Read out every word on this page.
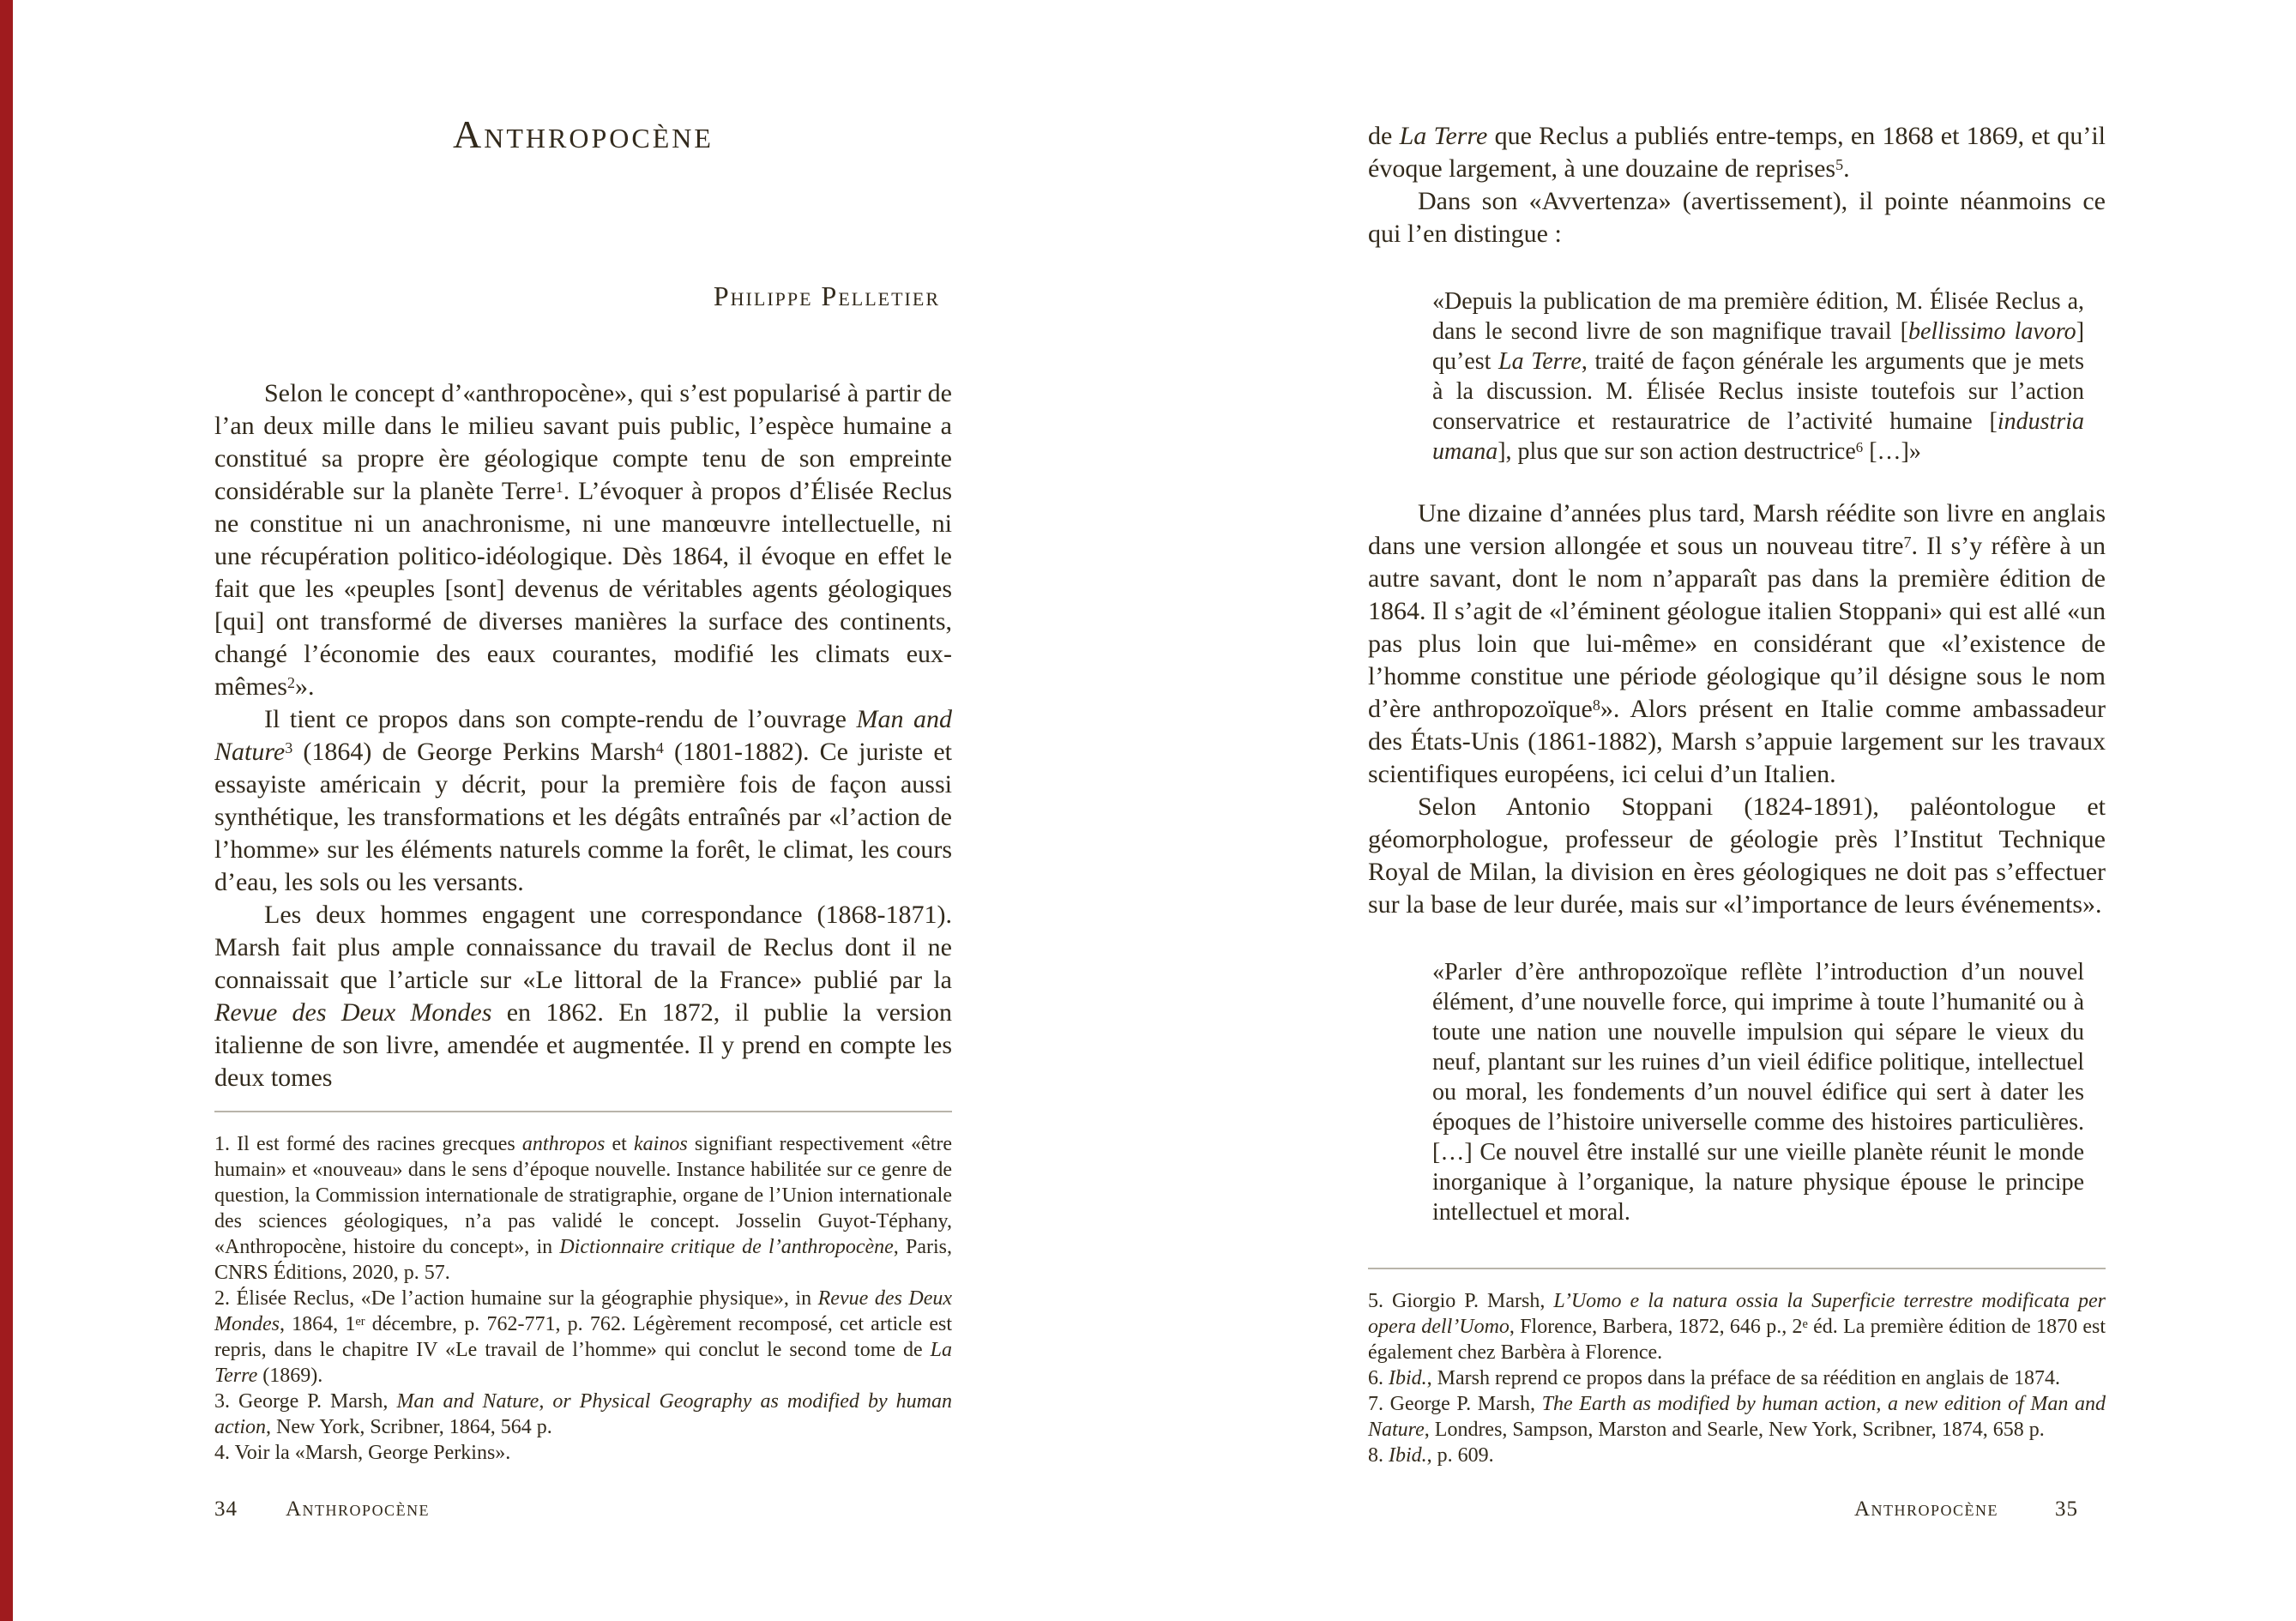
Anthropocène
Philippe Pelletier

Selon le concept d’«anthropocène», qui s’est popularisé à partir de l’an deux mille dans le milieu savant puis public, l’espèce humaine a constitué sa propre ère géologique compte tenu de son empreinte considérable sur la planète Terre$^1$. L’évoquer à propos d’Élisée Reclus ne constitue ni un anachronisme, ni une manœuvre intellectuelle, ni une récupération politico-idéologique. Dès 1864, il évoque en effet le fait que les «peuples [sont] devenus de véritables agents géologiques [qui] ont transformé de diverses manières la surface des continents, changé l’économie des eaux courantes, modifié les climats eux-mêmes$^2$».

Il tient ce propos dans son compte-rendu de l’ouvrage Man and Nature$^3$ (1864) de George Perkins Marsh$^4$ (1801-1882). Ce juriste et essayiste américain y décrit, pour la première fois de façon aussi synthétique, les transformations et les dégâts entraînés par «l’action de l’homme» sur les éléments naturels comme la forêt, le climat, les cours d’eau, les sols ou les versants.

Les deux hommes engagent une correspondance (1868-1871). Marsh fait plus ample connaissance du travail de Reclus dont il ne connaissait que l’article sur «Le littoral de la France» publié par la Revue des Deux Mondes en 1862. En 1872, il publie la version italienne de son livre, amendée et augmentée. Il y prend en compte les deux tomes

1. Il est formé des racines grecques anthropos et kainos signifiant respectivement «être humain» et «nouveau» dans le sens d’époque nouvelle. Instance habilitée sur ce genre de question, la Commission internationale de stratigraphie, organe de l’Union internationale des sciences géologiques, n’a pas validé le concept. Josselin Guyot-Téphany, «Anthropocène, histoire du concept», in Dictionnaire critique de l’anthropocène, Paris, CNRS Éditions, 2020, p. 57.

2. Élisée Reclus, «De l’action humaine sur la géographie physique», in Revue des Deux Mondes, 1864, 1er décembre, p. 762-771, p. 762. Légèrement recomposé, cet article est repris, dans le chapitre IV «Le travail de l’homme» qui conclut le second tome de La Terre (1869).

3. George P. Marsh, Man and Nature, or Physical Geography as modified by human action, New York, Scribner, 1864, 564 p.

4. Voir la «Marsh, George Perkins».

34 Anthropocène

de La Terre que Reclus a publiés entre-temps, en 1868 et 1869, et qu’il évoque largement, à une douzaine de reprises$^5$.

Dans son «Avvertenza» (avertissement), il pointe néanmoins ce qui l’en distingue :

«Depuis la publication de ma première édition, M. Élisée Reclus a, dans le second livre de son magnifique travail [bellissimo lavoro] qu’est La Terre, traité de façon générale les arguments que je mets à la discussion. M. Élisée Reclus insiste toutefois sur l’action conservatrice et restauratrice de l’activité humaine [industria umana], plus que sur son action destructrice$^6$ […]»

Une dizaine d’années plus tard, Marsh réédite son livre en anglais dans une version allongée et sous un nouveau titre$^7$. Il s’y réfère à un autre savant, dont le nom n’apparaît pas dans la première édition de 1864. Il s’agit de «l’éminent géologue italien Stoppani» qui est allé «un pas plus loin que lui-même» en considérant que «l’existence de l’homme constitue une période géologique qu’il désigne sous le nom d’ère anthropozoïque$^8$». Alors présent en Italie comme ambassadeur des États-Unis (1861-1882), Marsh s’appuie largement sur les travaux scientifiques européens, ici celui d’un Italien.

Selon Antonio Stoppani (1824-1891), paléontologue et géomorphologue, professeur de géologie près l’Institut Technique Royal de Milan, la division en ères géologiques ne doit pas s’effectuer sur la base de leur durée, mais sur «l’importance de leurs événements».

«Parler d’ère anthropozoïque reflète l’introduction d’un nouvel élément, d’une nouvelle force, qui imprime à toute l’humanité ou à toute une nation une nouvelle impulsion qui sépare le vieux du neuf, plantant sur les ruines d’un vieil édifice politique, intellectuel ou moral, les fondements d’un nouvel édifice qui sert à dater les époques de l’histoire universelle comme des histoires particulières. […] Ce nouvel être installé sur une vieille planète réunit le monde inorganique à l’organique, la nature physique épouse le principe intellectuel et moral.

5. Giorgio P. Marsh, L’Uomo e la natura ossia la Superficie terrestre modificata per opera dell’Uomo, Florence, Barbera, 1872, 646 p., 2e éd. La première édition de 1870 est également chez Barbèra à Florence.

6. Ibid., Marsh reprend ce propos dans la préface de sa réédition en anglais de 1874.

7. George P. Marsh, The Earth as modified by human action, a new edition of Man and Nature, Londres, Sampson, Marston and Searle, New York, Scribner, 1874, 658 p.

8. Ibid., p. 609.

Anthropocène	35
